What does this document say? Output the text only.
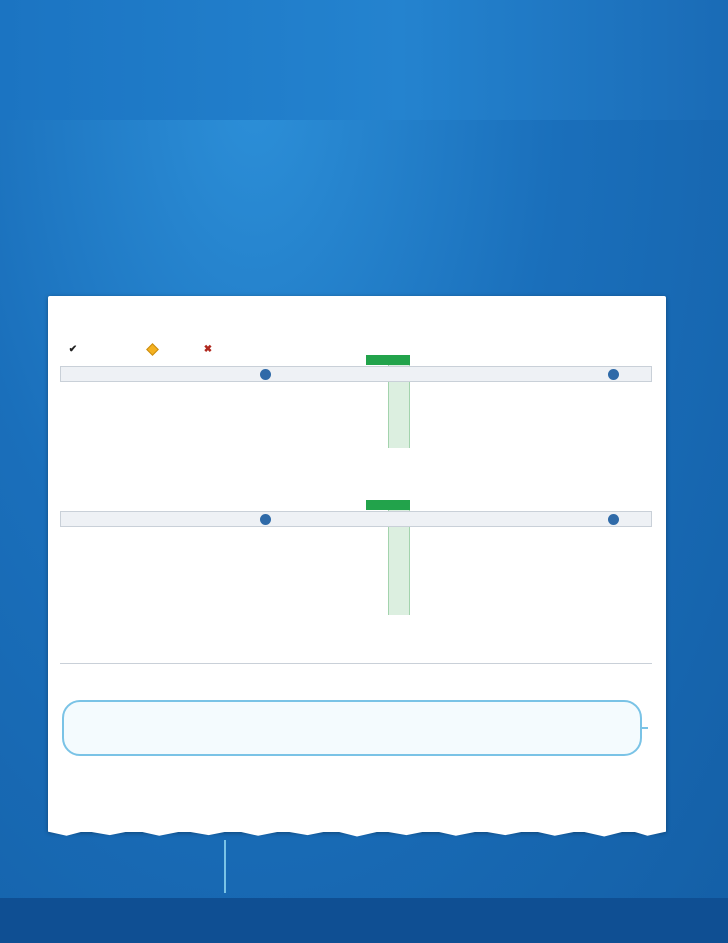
✔	✖
